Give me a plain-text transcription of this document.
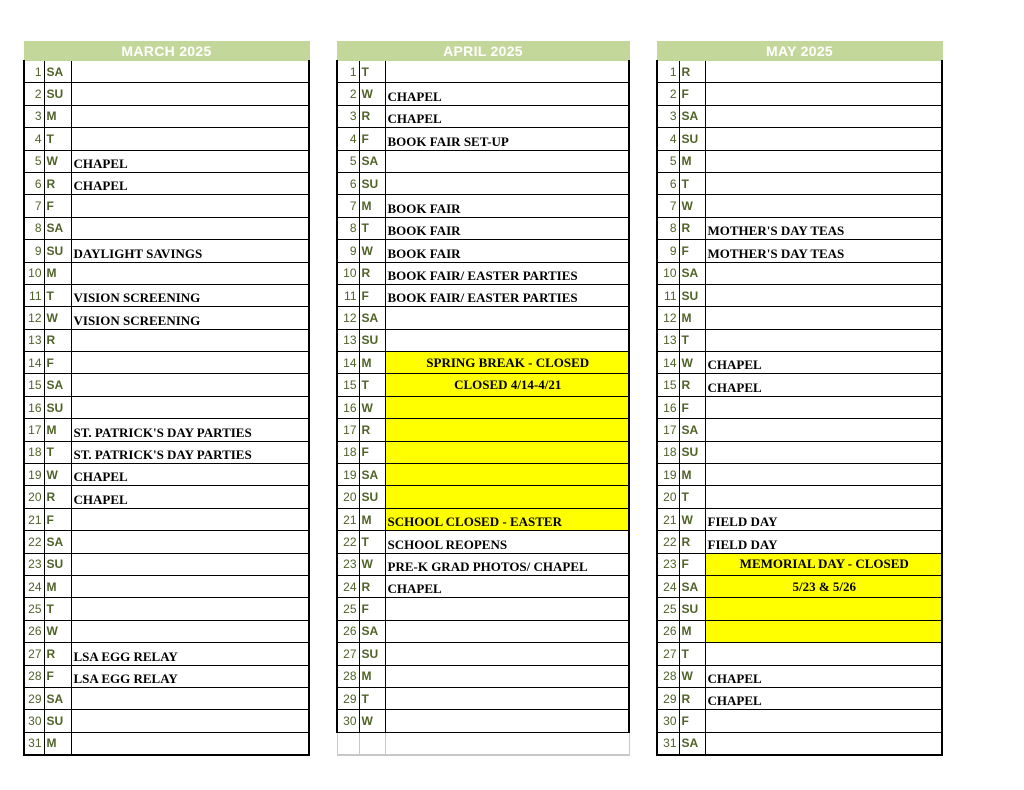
MARCH 2025		
1	SA	
2	SU	
3	M	
4	T	
5	W	CHAPEL
6	R	CHAPEL
7	F	
8	SA	
9	SU	DAYLIGHT SAVINGS
10	M	
11	T	VISION SCREENING
12	W	VISION SCREENING
13	R	
14	F	
15	SA	
16	SU	
17	M	ST. PATRICK'S DAY PARTIES
18	T	ST. PATRICK'S DAY PARTIES
19	W	CHAPEL
20	R	CHAPEL
21	F	
22	SA	
23	SU	
24	M	
25	T	
26	W	
27	R	LSA EGG RELAY
28	F	LSA EGG RELAY
29	SA	
30	SU	
31	M	
APRIL 2025		
1	T	
2	W	CHAPEL
3	R	CHAPEL
4	F	BOOK FAIR SET-UP
5	SA	
6	SU	
7	M	BOOK FAIR
8	T	BOOK FAIR
9	W	BOOK FAIR
10	R	BOOK FAIR/ EASTER PARTIES
11	F	BOOK FAIR/ EASTER PARTIES
12	SA	
13	SU	
14	M	SPRING BREAK - CLOSED
15	T	CLOSED 4/14-4/21
16	W	
17	R	
18	F	
19	SA	
20	SU	
21	M	SCHOOL CLOSED - EASTER
22	T	SCHOOL REOPENS
23	W	PRE-K GRAD PHOTOS/ CHAPEL
24	R	CHAPEL
25	F	
26	SA	
27	SU	
28	M	
29	T	
30	W	

MAY 2025		
1	R	
2	F	
3	SA	
4	SU	
5	M	
6	T	
7	W	
8	R	MOTHER'S DAY TEAS
9	F	MOTHER'S DAY TEAS
10	SA	
11	SU	
12	M	
13	T	
14	W	CHAPEL
15	R	CHAPEL
16	F	
17	SA	
18	SU	
19	M	
20	T	
21	W	FIELD DAY
22	R	FIELD DAY
23	F	MEMORIAL DAY - CLOSED
24	SA	5/23 & 5/26
25	SU	
26	M	
27	T	
28	W	CHAPEL
29	R	CHAPEL
30	F	
31	SA	
